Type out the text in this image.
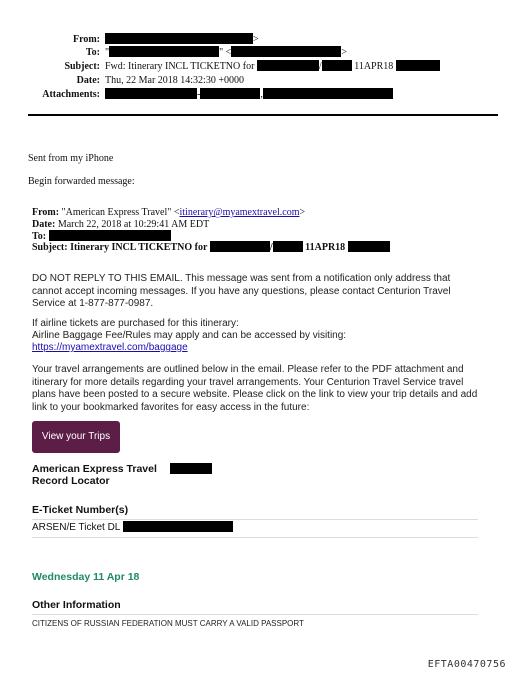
From:	>
To: "	" <	>
Subject: Fwd: Itinerary INCL TICKETNO for	/	11APR18
Date: Thu, 22 Mar 2018 14:32:30 +0000
Attachments:	-	,
Sent from my iPhone
Begin forwarded message:
From: "American Express Travel" <itinerary@myamextravel.com>
Date: March 22, 2018 at 10:29:41 AM EDT
To:
Subject: Itinerary INCL TICKETNO for	/	11APR18
DO NOT REPLY TO THIS EMAIL. This message was sent from a notification only address that cannot accept incoming messages. If you have any questions, please contact Centurion Travel Service at 1-877-877-0987.
If airline tickets are purchased for this itinerary:
Airline Baggage Fee/Rules may apply and can be accessed by visiting:
https://myamextravel.com/baggage
Your travel arrangements are outlined below in the email. Please refer to the PDF attachment and itinerary for more details regarding your travel arrangements. Your Centurion Travel Service travel plans have been posted to a secure website. Please click on the link to view your trip details and add link to your bookmarked favorites for easy access in the future:
View your Trips
American Express Travel
Record Locator
E-Ticket Number(s)
ARSEN/E Ticket DL
Wednesday 11 Apr 18
Other Information
CITIZENS OF RUSSIAN FEDERATION MUST CARRY A VALID PASSPORT
EFTA00470756
